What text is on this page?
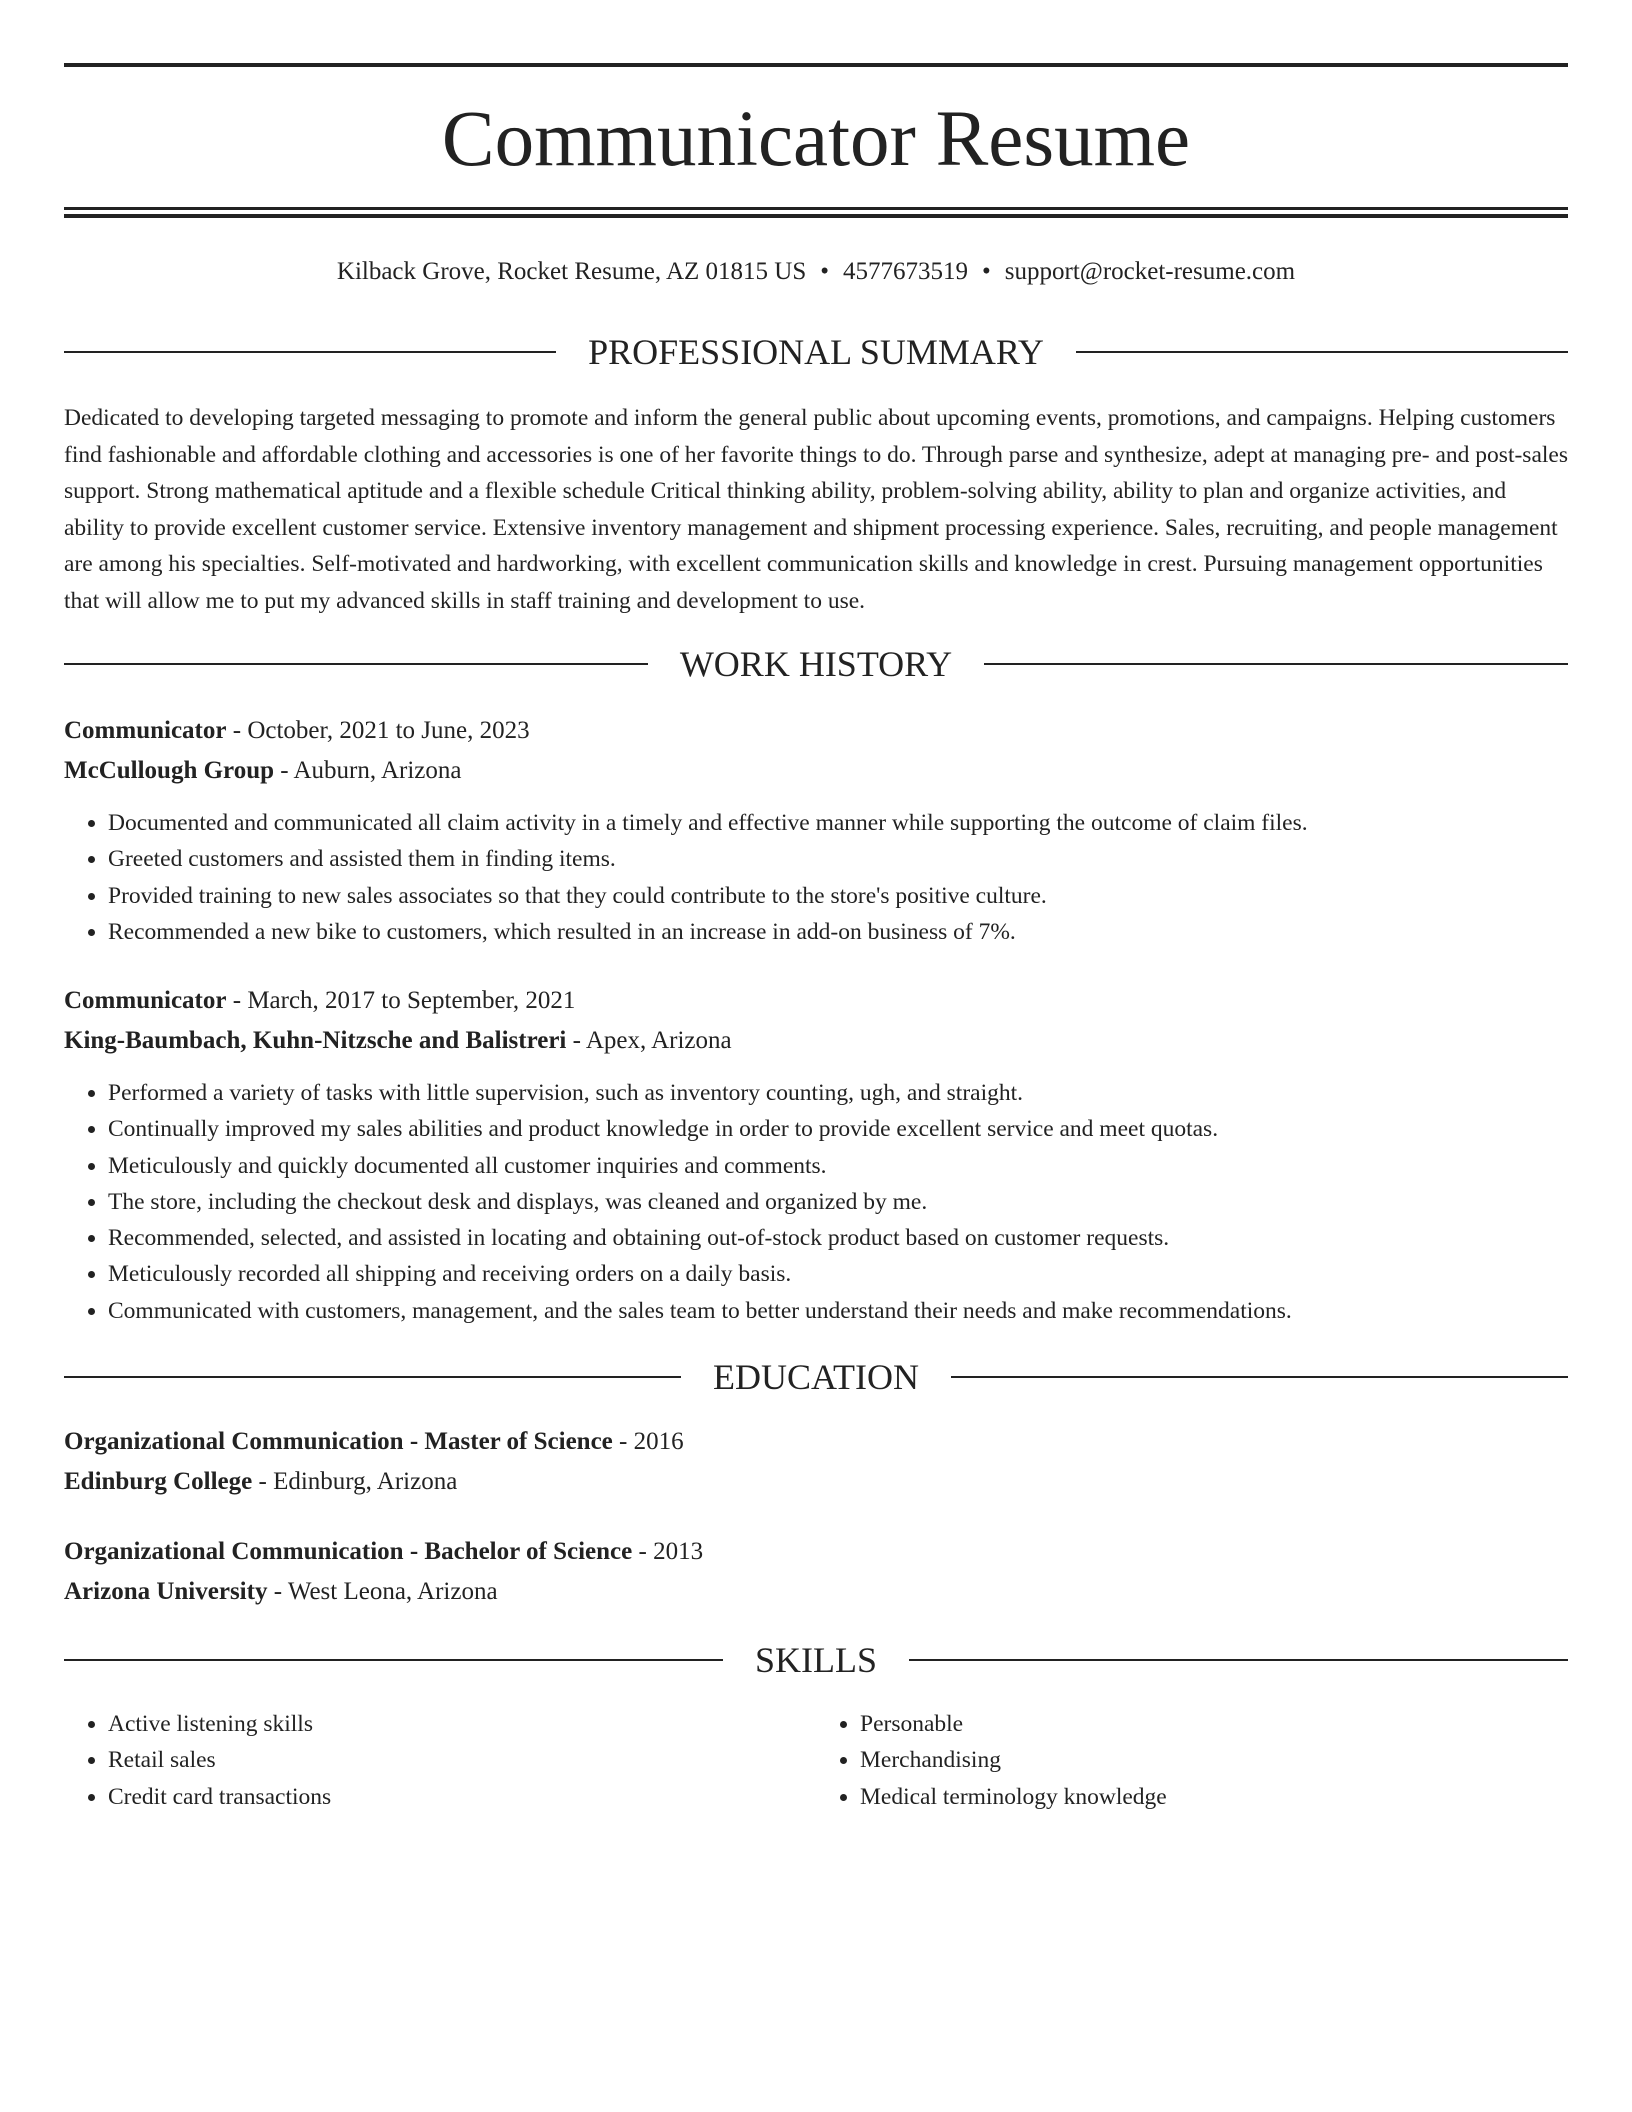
Communicator Resume
Kilback Grove, Rocket Resume, AZ 01815 US • 4577673519 • support@rocket-resume.com
PROFESSIONAL SUMMARY

Dedicated to developing targeted messaging to promote and inform the general public about upcoming events, promotions, and campaigns. Helping customers find fashionable and affordable clothing and accessories is one of her favorite things to do. Through parse and synthesize, adept at managing pre- and post-sales support. Strong mathematical aptitude and a flexible schedule Critical thinking ability, problem-solving ability, ability to plan and organize activities, and ability to provide excellent customer service. Extensive inventory management and shipment processing experience. Sales, recruiting, and people management are among his specialties. Self-motivated and hardworking, with excellent communication skills and knowledge in crest. Pursuing management opportunities that will allow me to put my advanced skills in staff training and development to use.

WORK HISTORY
Communicator - October, 2021 to June, 2023
McCullough Group - Auburn, Arizona
• Documented and communicated all claim activity in a timely and effective manner while supporting the outcome of claim files.
• Greeted customers and assisted them in finding items.
• Provided training to new sales associates so that they could contribute to the store's positive culture.
• Recommended a new bike to customers, which resulted in an increase in add-on business of 7%.
Communicator - March, 2017 to September, 2021
King-Baumbach, Kuhn-Nitzsche and Balistreri - Apex, Arizona
• Performed a variety of tasks with little supervision, such as inventory counting, ugh, and straight.
• Continually improved my sales abilities and product knowledge in order to provide excellent service and meet quotas.
• Meticulously and quickly documented all customer inquiries and comments.
• The store, including the checkout desk and displays, was cleaned and organized by me.
• Recommended, selected, and assisted in locating and obtaining out-of-stock product based on customer requests.
• Meticulously recorded all shipping and receiving orders on a daily basis.
• Communicated with customers, management, and the sales team to better understand their needs and make recommendations.
EDUCATION
Organizational Communication - Master of Science - 2016
Edinburg College - Edinburg, Arizona
Organizational Communication - Bachelor of Science - 2013
Arizona University - West Leona, Arizona
SKILLS
• Active listening skills
• Retail sales
• Credit card transactions
• Personable
• Merchandising
• Medical terminology knowledge
